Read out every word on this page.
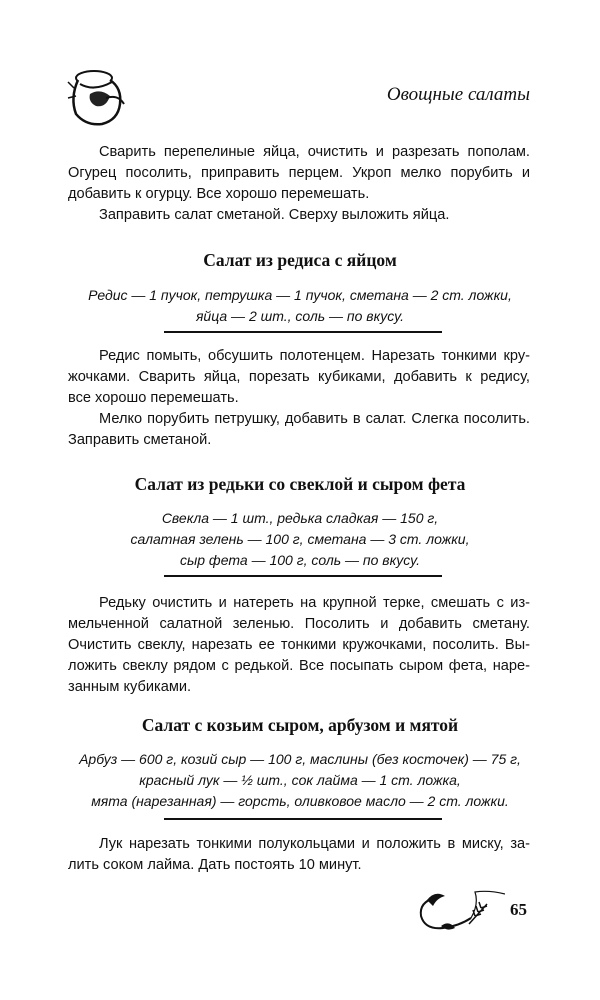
Овощные салаты
Сварить перепелиные яйца, очистить и разрезать пополам.
Огурец посолить, приправить перцем. Укроп мелко порубить и
добавить к огурцу. Все хорошо перемешать.
Заправить салат сметаной. Сверху выложить яйца.
Салат из редиса с яйцом
Редис — 1 пучок, петрушка — 1 пучок, сметана — 2 ст. ложки,
яйца — 2 шт., соль — по вкусу.
Редис помыть, обсушить полотенцем. Нарезать тонкими кру-
жочками. Сварить яйца, порезать кубиками, добавить к редису,
все хорошо перемешать.
Мелко порубить петрушку, добавить в салат. Слегка посолить.
Заправить сметаной.
Салат из редьки со свеклой и сыром фета
Свекла — 1 шт., редька сладкая — 150 г,
салатная зелень — 100 г, сметана — 3 ст. ложки,
сыр фета — 100 г, соль — по вкусу.
Редьку очистить и натереть на крупной терке, смешать с из-
мельченной салатной зеленью. Посолить и добавить сметану.
Очистить свеклу, нарезать ее тонкими кружочками, посолить. Вы-
ложить свеклу рядом с редькой. Все посыпать сыром фета, наре-
занным кубиками.
Салат с козьим сыром, арбузом и мятой
Арбуз — 600 г, козий сыр — 100 г, маслины (без косточек) — 75 г,
красный лук — ½ шт., сок лайма — 1 ст. ложка,
мята (нарезанная) — горсть, оливковое масло — 2 ст. ложки.
Лук нарезать тонкими полукольцами и положить в миску, за-
лить соком лайма. Дать постоять 10 минут.
65
